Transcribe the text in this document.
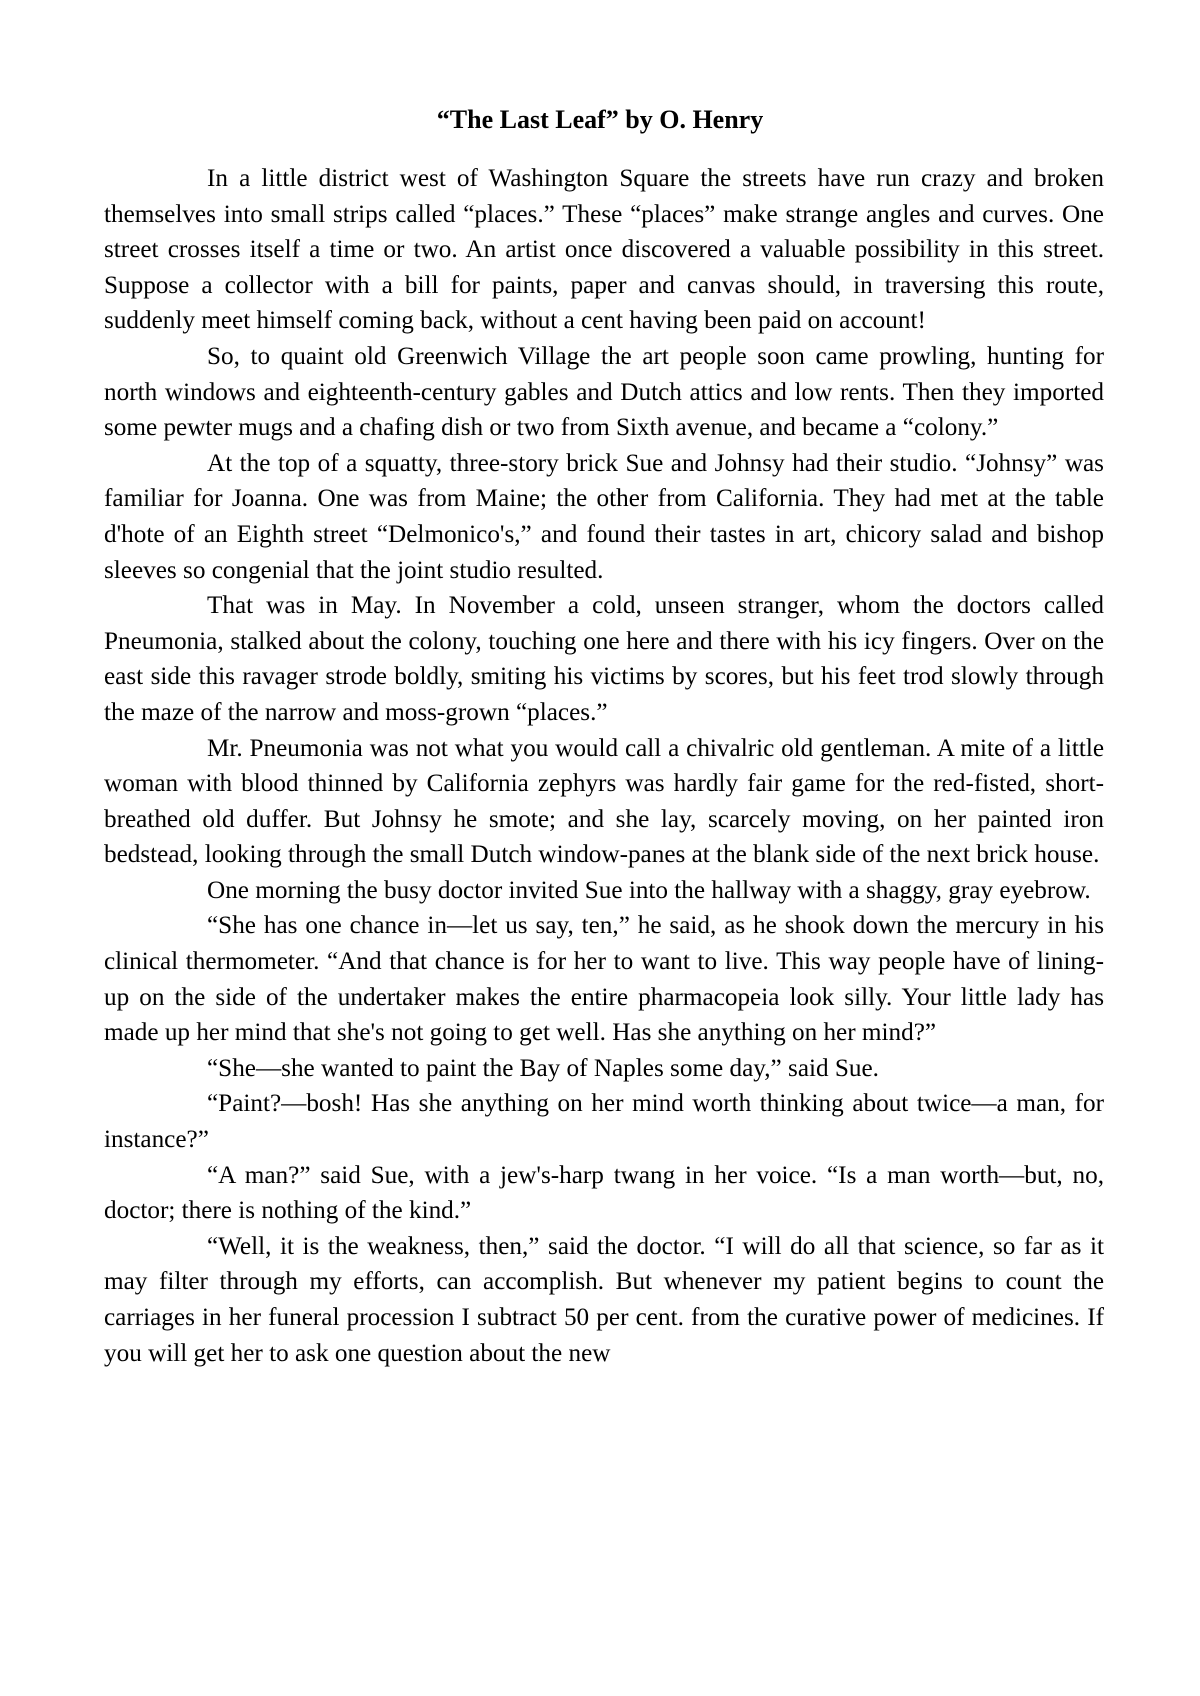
“The Last Leaf” by O. Henry

In a little district west of Washington Square the streets have run crazy and broken themselves into small strips called “places.” These “places” make strange angles and curves. One street crosses itself a time or two. An artist once discovered a valuable possibility in this street. Suppose a collector with a bill for paints, paper and canvas should, in traversing this route, suddenly meet himself coming back, without a cent having been paid on account!

So, to quaint old Greenwich Village the art people soon came prowling, hunting for north windows and eighteenth-century gables and Dutch attics and low rents. Then they imported some pewter mugs and a chafing dish or two from Sixth avenue, and became a “colony.”

At the top of a squatty, three-story brick Sue and Johnsy had their studio. “Johnsy” was familiar for Joanna. One was from Maine; the other from California. They had met at the table d'hote of an Eighth street “Delmonico's,” and found their tastes in art, chicory salad and bishop sleeves so congenial that the joint studio resulted.

That was in May. In November a cold, unseen stranger, whom the doctors called Pneumonia, stalked about the colony, touching one here and there with his icy fingers. Over on the east side this ravager strode boldly, smiting his victims by scores, but his feet trod slowly through the maze of the narrow and moss-grown “places.”

Mr. Pneumonia was not what you would call a chivalric old gentleman. A mite of a little woman with blood thinned by California zephyrs was hardly fair game for the red-fisted, short-breathed old duffer. But Johnsy he smote; and she lay, scarcely moving, on her painted iron bedstead, looking through the small Dutch window-panes at the blank side of the next brick house.

One morning the busy doctor invited Sue into the hallway with a shaggy, gray eyebrow.

“She has one chance in—let us say, ten,” he said, as he shook down the mercury in his clinical thermometer. “And that chance is for her to want to live. This way people have of lining-up on the side of the undertaker makes the entire pharmacopeia look silly. Your little lady has made up her mind that she's not going to get well. Has she anything on her mind?”

“She—she wanted to paint the Bay of Naples some day,” said Sue.

“Paint?—bosh! Has she anything on her mind worth thinking about twice—a man, for instance?”

“A man?” said Sue, with a jew's-harp twang in her voice. “Is a man worth—but, no, doctor; there is nothing of the kind.”

“Well, it is the weakness, then,” said the doctor. “I will do all that science, so far as it may filter through my efforts, can accomplish. But whenever my patient begins to count the carriages in her funeral procession I subtract 50 per cent. from the curative power of medicines. If you will get her to ask one question about the new
